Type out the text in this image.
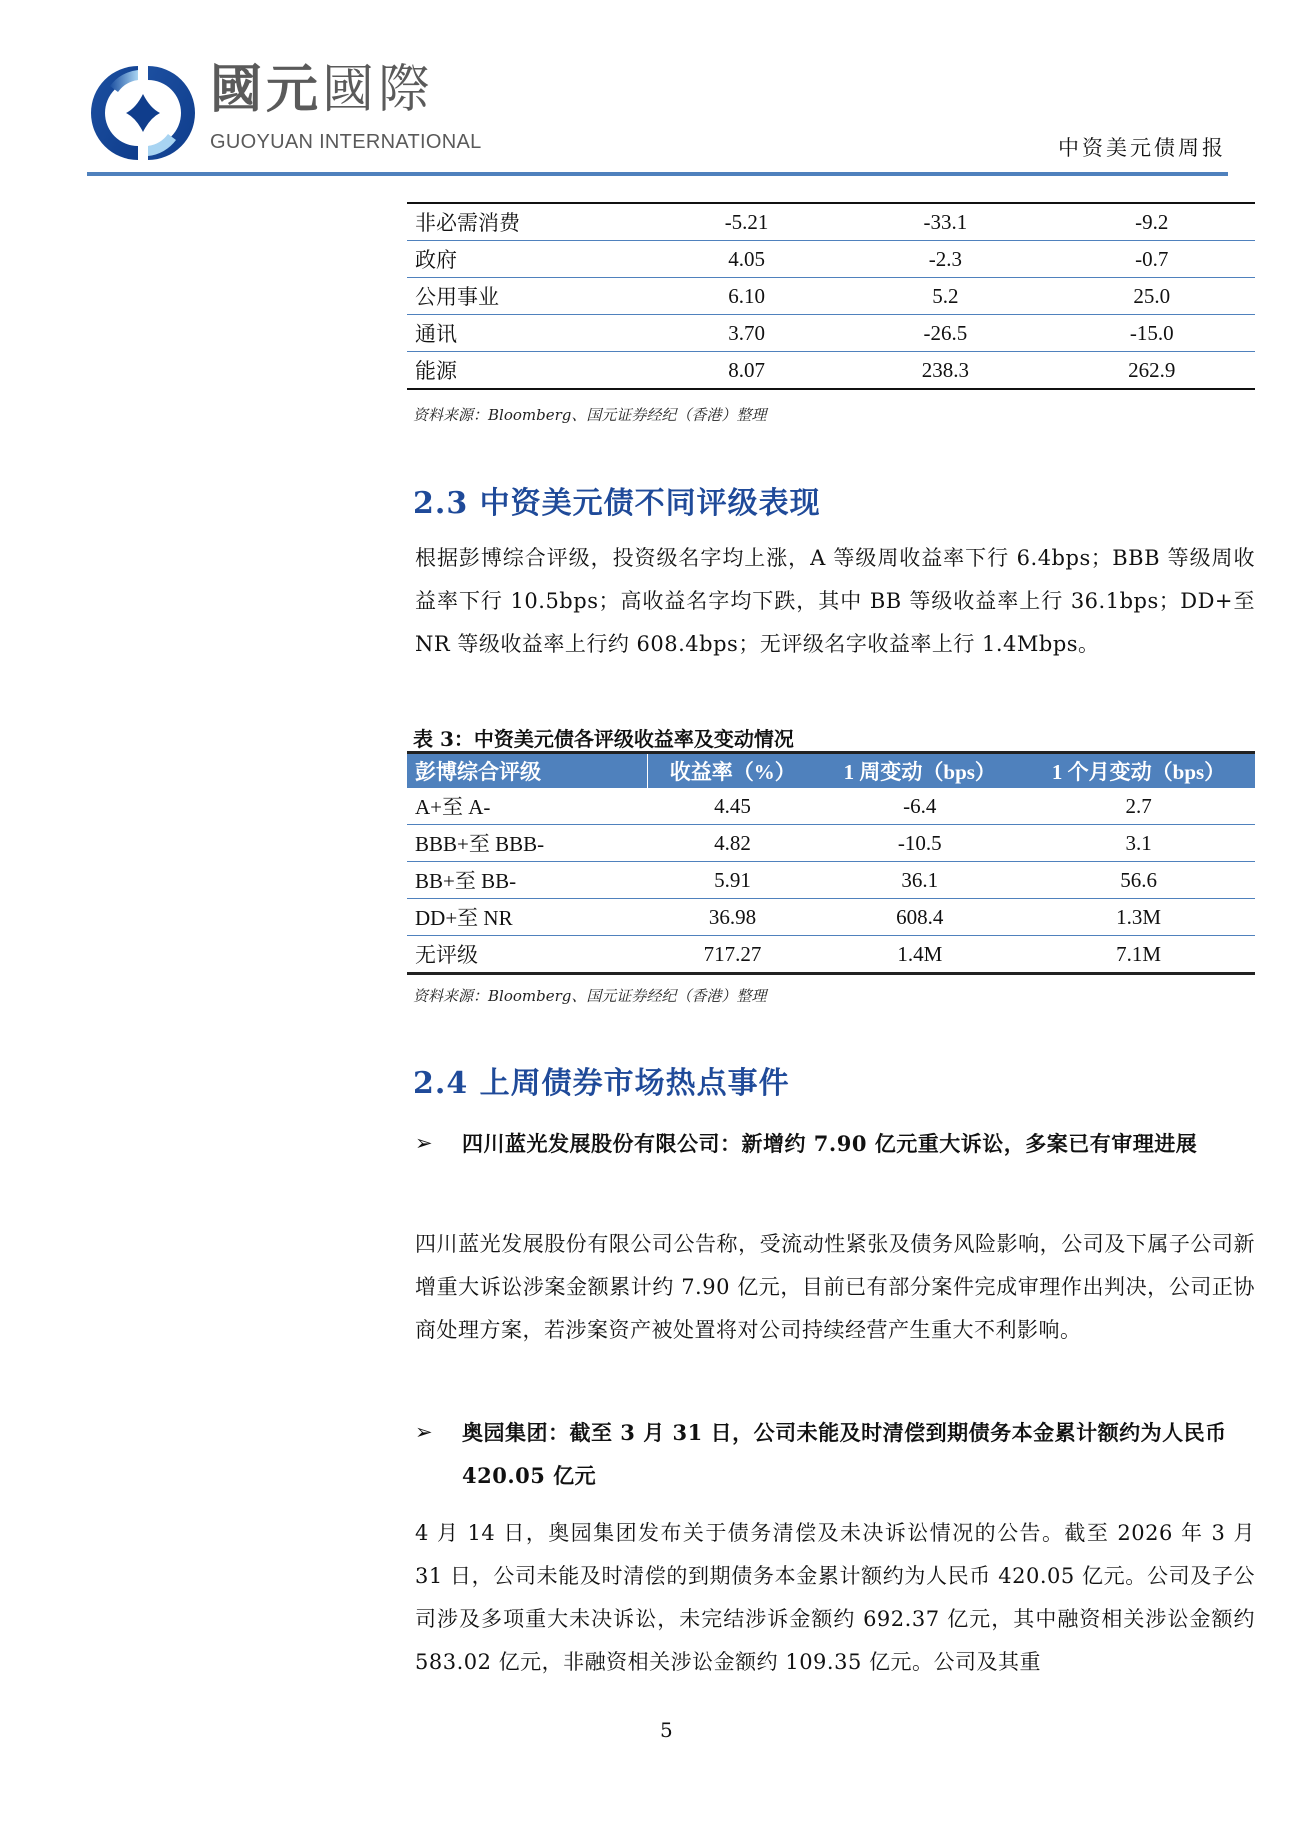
國元國際
GUOYUAN INTERNATIONAL	中资美元债周报
非必需消费	-5.21	-33.1	-9.2
政府	4.05	-2.3	-0.7
公用事业	6.10	5.2	25.0
通讯	3.70	-26.5	-15.0
能源	8.07	238.3	262.9
资料来源：Bloomberg、国元证券经纪（香港）整理
2.3 中资美元债不同评级表现
根据彭博综合评级，投资级名字均上涨，A 等级周收益率下行 6.4bps；BBB 等级周收益率下行 10.5bps；高收益名字均下跌，其中 BB 等级收益率上行 36.1bps；DD+至 NR 等级收益率上行约 608.4bps；无评级名字收益率上行 1.4Mbps。
表 3：中资美元债各评级收益率及变动情况
彭博综合评级	收益率（%）	1 周变动（bps）	1 个月变动（bps）
A+至 A-	4.45	-6.4	2.7
BBB+至 BBB-	4.82	-10.5	3.1
BB+至 BB-	5.91	36.1	56.6
DD+至 NR	36.98	608.4	1.3M
无评级	717.27	1.4M	7.1M
资料来源：Bloomberg、国元证券经纪（香港）整理
2.4 上周债券市场热点事件
➢ 四川蓝光发展股份有限公司：新增约 7.90 亿元重大诉讼，多案已有审理进展
四川蓝光发展股份有限公司公告称，受流动性紧张及债务风险影响，公司及下属子公司新增重大诉讼涉案金额累计约 7.90 亿元，目前已有部分案件完成审理作出判决，公司正协商处理方案，若涉案资产被处置将对公司持续经营产生重大不利影响。
➢ 奥园集团：截至 3 月 31 日，公司未能及时清偿到期债务本金累计额约为人民币 420.05 亿元
4 月 14 日，奥园集团发布关于债务清偿及未决诉讼情况的公告。截至 2026 年 3 月 31 日，公司未能及时清偿的到期债务本金累计额约为人民币 420.05 亿元。公司及子公司涉及多项重大未决诉讼，未完结涉诉金额约 692.37 亿元，其中融资相关涉讼金额约 583.02 亿元，非融资相关涉讼金额约 109.35 亿元。公司及其重
5
